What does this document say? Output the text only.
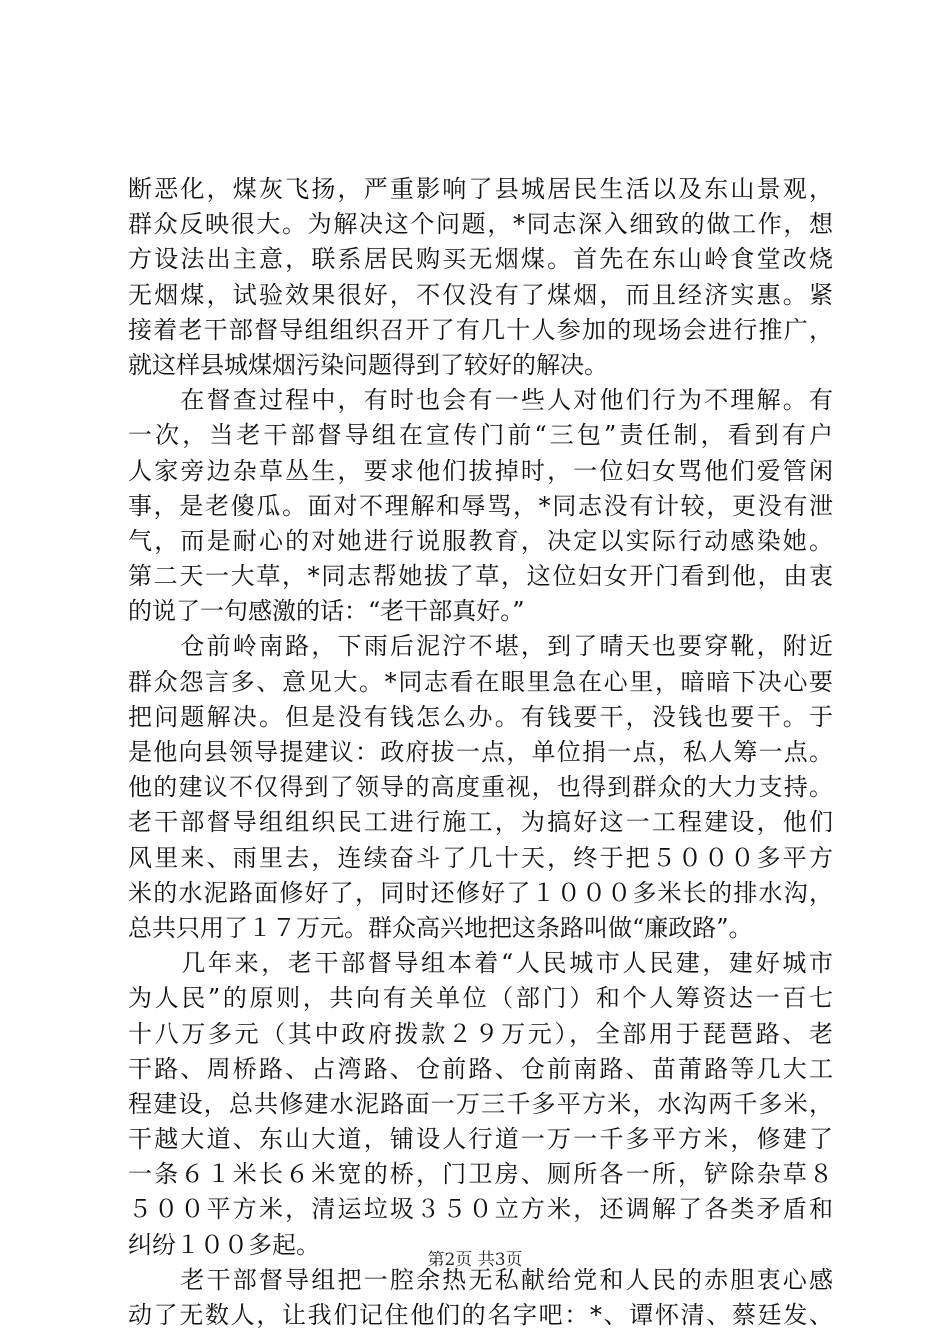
断恶化，煤灰飞扬，严重影响了县城居民生活以及东山景观，
群众反映很大。为解决这个问题，*同志深入细致的做工作，想
方设法出主意，联系居民购买无烟煤。首先在东山岭食堂改烧
无烟煤，试验效果很好，不仅没有了煤烟，而且经济实惠。紧
接着老干部督导组组织召开了有几十人参加的现场会进行推广，
就这样县城煤烟污染问题得到了较好的解决。
　　在督查过程中，有时也会有一些人对他们行为不理解。有
一次，当老干部督导组在宣传门前“三包”责任制，看到有户
人家旁边杂草丛生，要求他们拔掉时，一位妇女骂他们爱管闲
事，是老傻瓜。面对不理解和辱骂，*同志没有计较，更没有泄
气，而是耐心的对她进行说服教育，决定以实际行动感染她。
第二天一大草，*同志帮她拔了草，这位妇女开门看到他，由衷
的说了一句感激的话：“老干部真好。”
　　仓前岭南路，下雨后泥泞不堪，到了晴天也要穿靴，附近
群众怨言多、意见大。*同志看在眼里急在心里，暗暗下决心要
把问题解决。但是没有钱怎么办。有钱要干，没钱也要干。于
是他向县领导提建议：政府拔一点，单位捐一点，私人筹一点。
他的建议不仅得到了领导的高度重视，也得到群众的大力支持。
老干部督导组组织民工进行施工，为搞好这一工程建设，他们
风里来、雨里去，连续奋斗了几十天，终于把５０００多平方
米的水泥路面修好了，同时还修好了１０００多米长的排水沟，
总共只用了１７万元。群众高兴地把这条路叫做“廉政路”。
　　几年来，老干部督导组本着“人民城市人民建，建好城市
为人民”的原则，共向有关单位（部门）和个人筹资达一百七
十八万多元（其中政府拨款２９万元），全部用于琵琶路、老
干路、周桥路、占湾路、仓前路、仓前南路、苗莆路等几大工
程建设，总共修建水泥路面一万三千多平方米，水沟两千多米，
干越大道、东山大道，铺设人行道一万一千多平方米，修建了
一条６１米长６米宽的桥，门卫房、厕所各一所，铲除杂草８
５００平方米，清运垃圾３５０立方米，还调解了各类矛盾和
纠纷１００多起。
　　老干部督导组把一腔余热无私献给党和人民的赤胆衷心感
动了无数人，让我们记住他们的名字吧：*、谭怀清、蔡廷发、
第2页 共3页
